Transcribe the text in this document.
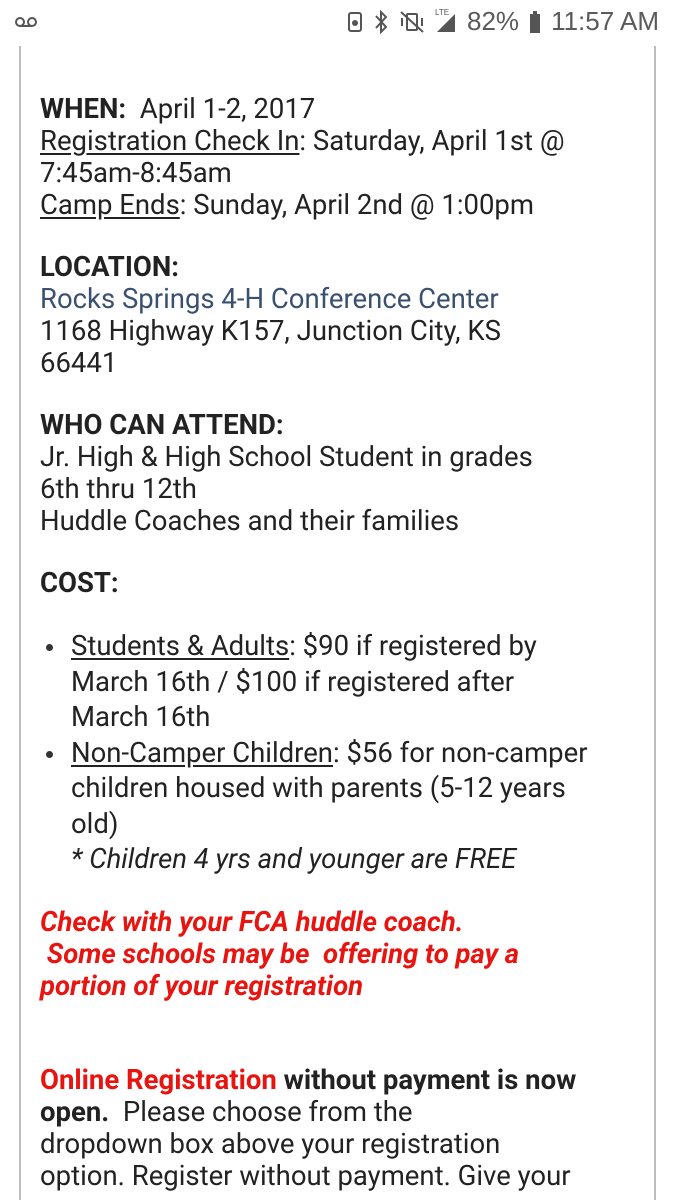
LTE 82% 11:57 AM
WHEN: April 1-2, 2017
Registration Check In: Saturday, April 1st @
7:45am-8:45am
Camp Ends: Sunday, April 2nd @ 1:00pm
LOCATION:
Rocks Springs 4-H Conference Center
1168 Highway K157, Junction City, KS
66441
WHO CAN ATTEND:
Jr. High & High School Student in grades
6th thru 12th
Huddle Coaches and their families
COST:
Students & Adults: $90 if registered by
March 16th / $100 if registered after
March 16th
Non-Camper Children: $56 for non-camper
children housed with parents (5-12 years
old)
* Children 4 yrs and younger are FREE
Check with your FCA huddle coach.
Some schools may be  offering to pay a
portion of your registration
Online Registration without payment is now
open.  Please choose from the
dropdown box above your registration
option. Register without payment. Give your
